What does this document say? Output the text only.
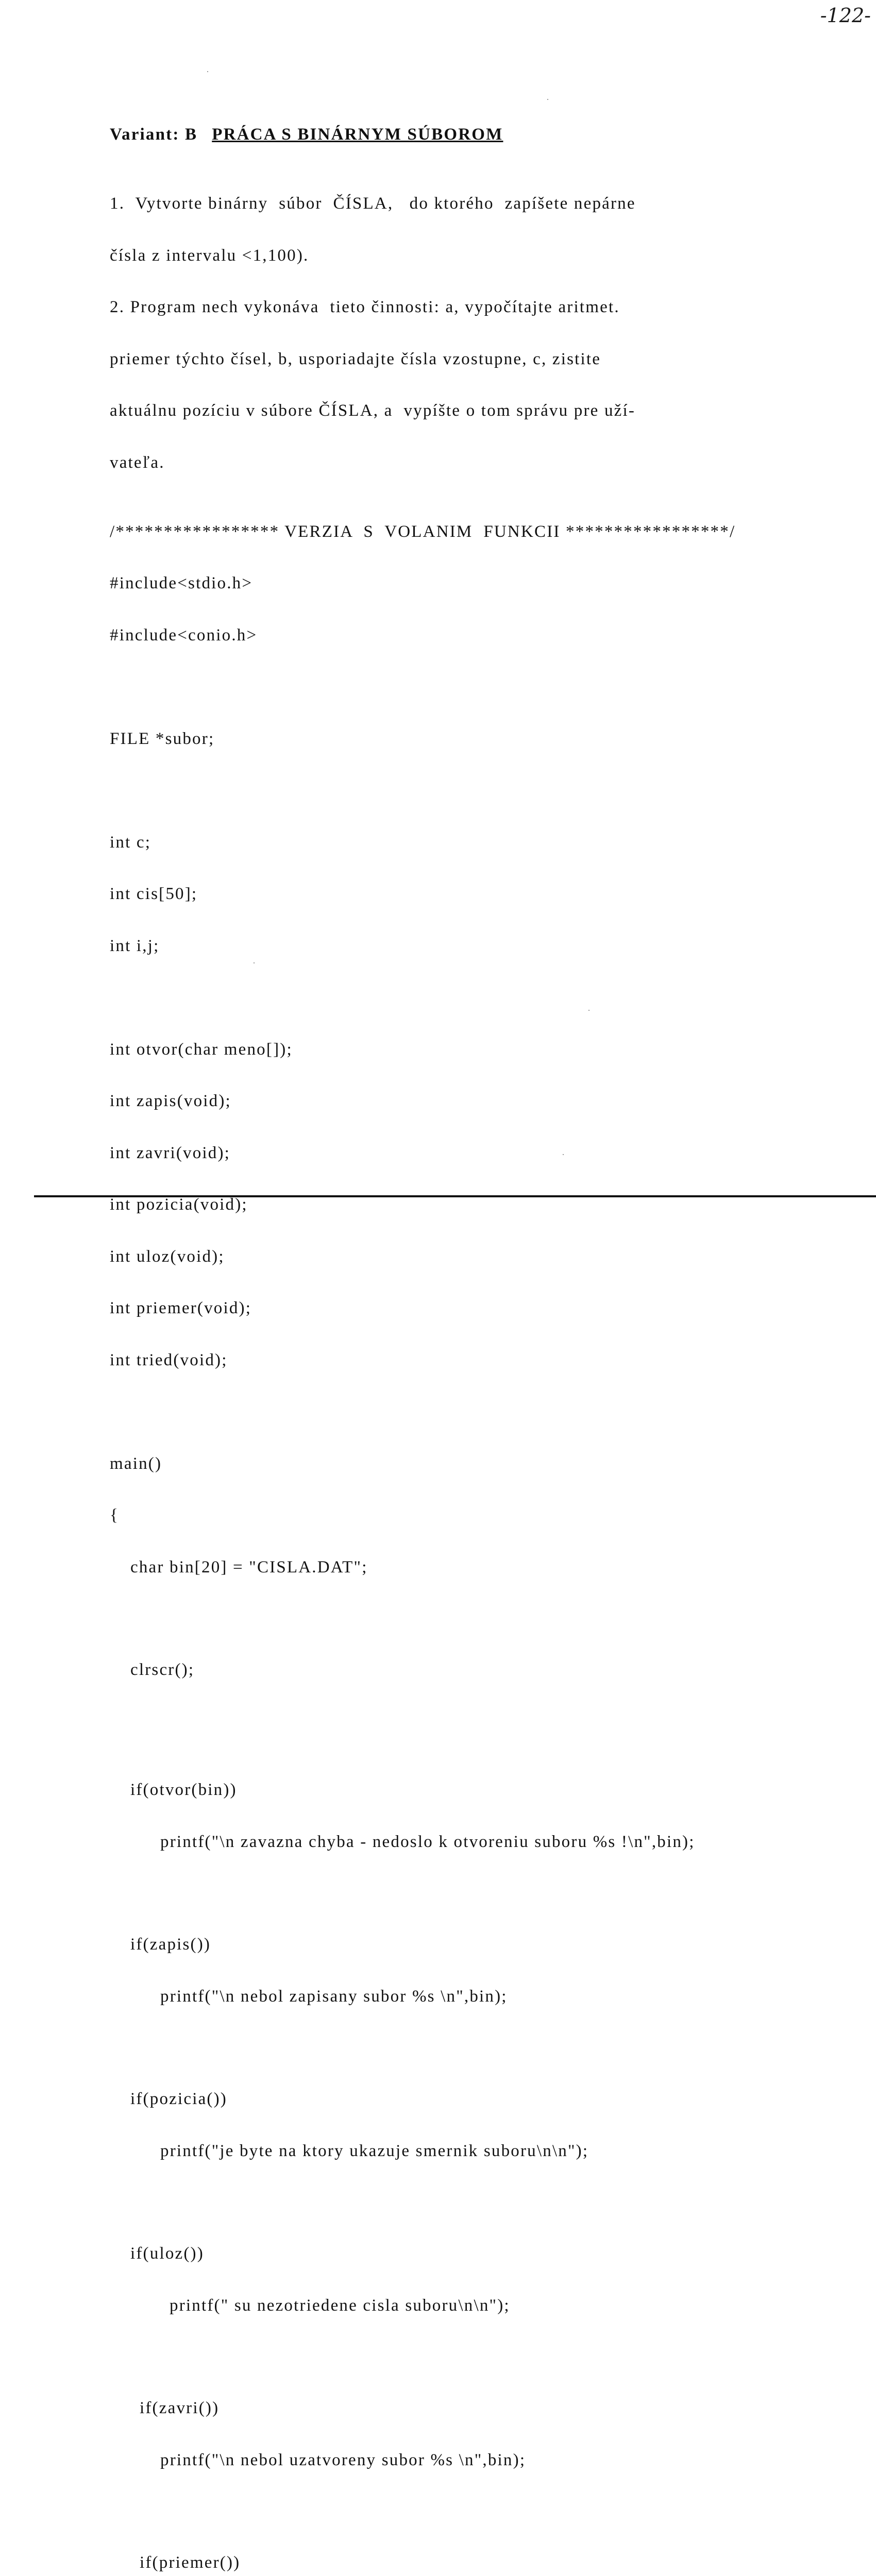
-122-

Variant: B PRÁCA S BINÁRNYM SÚBOROM

1.  Vytvorte binárny  súbor  ČÍSLA,   do ktorého  zapíšete nepárne

čísla z intervalu <1,100).

2. Program nech vykonáva  tieto činnosti: a, vypočítajte aritmet.

priemer týchto čísel, b, usporiadajte čísla vzostupne, c, zistite

aktuálnu pozíciu v súbore ČÍSLA, a  vypíšte o tom správu pre uží-

vateľa.

/***************** VERZIA  S  VOLANIM  FUNKCII *****************/

#include<stdio.h>

#include<conio.h>

FILE *subor;

int c;

int cis[50];

int i,j;

int otvor(char meno[]);

int zapis(void);

int zavri(void);

int pozicia(void);

int uloz(void);

int priemer(void);

int tried(void);

main()

{

char bin[20] = "CISLA.DAT";

clrscr();

if(otvor(bin))

printf("\n zavazna chyba - nedoslo k otvoreniu suboru %s !\n",bin);

if(zapis())

printf("\n nebol zapisany subor %s \n",bin);

if(pozicia())

printf("je byte na ktory ukazuje smernik suboru\n\n");

if(uloz())

printf(" su nezotriedene cisla suboru\n\n");

if(zavri())

printf("\n nebol uzatvoreny subor %s \n",bin);

if(priemer())
